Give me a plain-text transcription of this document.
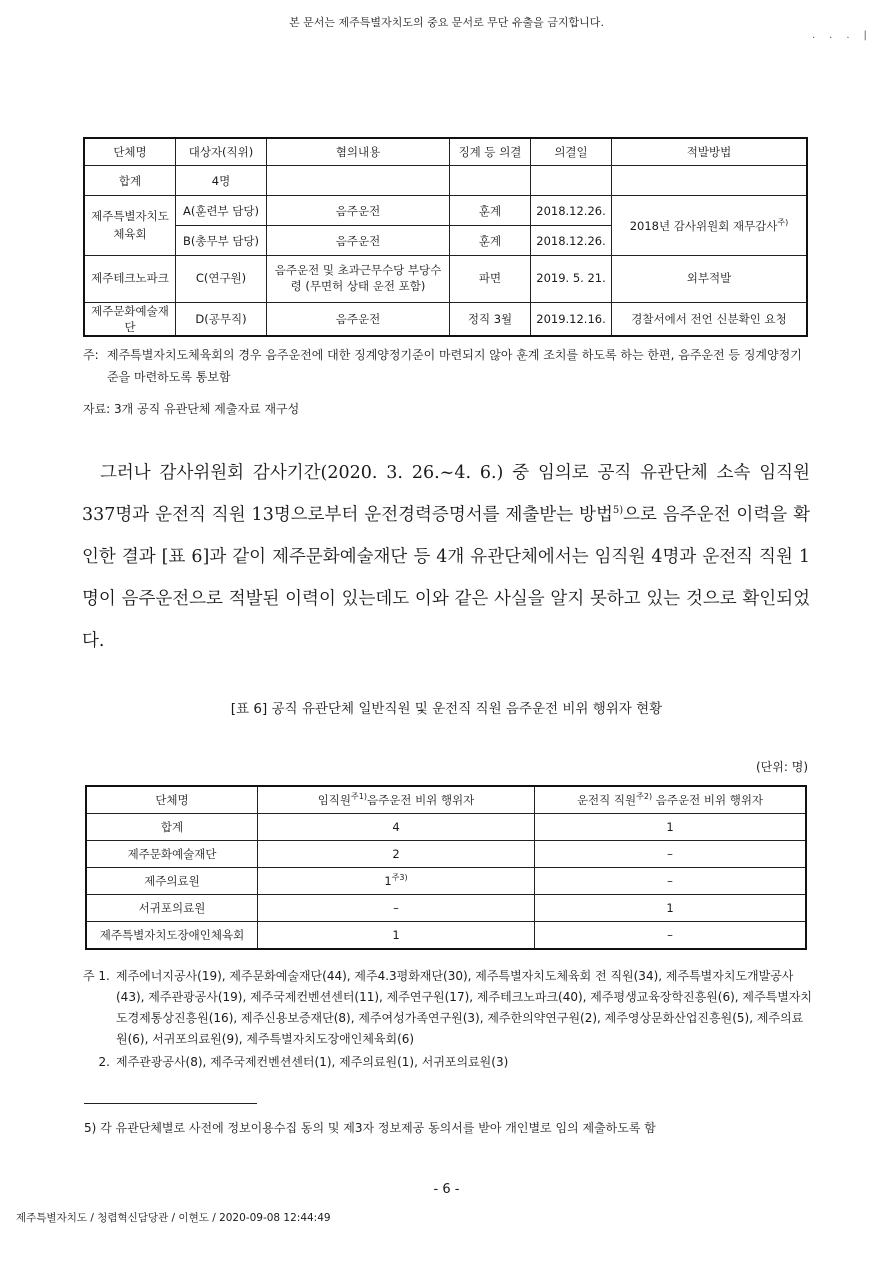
본 문서는 제주특별자치도의 중요 문서로 무단 유출을 금지합니다.
...|
단체명	대상자(직위)	혐의내용	징계 등 의결	의결일	적발방법
합계	4명				
제주특별자치도 체육회	A(훈련부 담당)	음주운전	훈계	2018.12.26.	2018년 감사위원회 재무감사$^{주)}$
	B(총무부 담당)	음주운전	훈계	2018.12.26.	
제주테크노파크	C(연구원)	음주운전 및 초과근무수당 부당수령 (무면허 상태 운전 포함)	파면	2019. 5. 21.	외부적발
제주문화예술재단	D(공무직)	음주운전	정직 3월	2019.12.16.	경찰서에서 전언 신분확인 요청
주: 제주특별자치도체육회의 경우 음주운전에 대한 징계양정기준이 마련되지 않아 훈계 조치를 하도록 하는 한편, 음주운전 등 징계양정기준을 마련하도록 통보함
자료: 3개 공직 유관단체 제출자료 재구성
그러나 감사위원회 감사기간(2020. 3. 26.~4. 6.) 중 임의로 공직 유관단체 소속 임직원 337명과 운전직 직원 13명으로부터 운전경력증명서를 제출받는 방법$^{5)}$으로 음주운전 이력을 확인한 결과 [표 6]과 같이 제주문화예술재단 등 4개 유관단체에서는 임직원 4명과 운전직 직원 1명이 음주운전으로 적발된 이력이 있는데도 이와 같은 사실을 알지 못하고 있는 것으로 확인되었다.
[표 6] 공직 유관단체 일반직원 및 운전직 직원 음주운전 비위 행위자 현황
(단위: 명)
단체명	임직원$^{주1)}$음주운전 비위 행위자	운전직 직원$^{주2)}$ 음주운전 비위 행위자
합계	4	1
제주문화예술재단	2	–
제주의료원	$1^{주3)}$	–
서귀포의료원	–	1
제주특별자치도장애인체육회	1	–
주 1. 제주에너지공사(19), 제주문화예술재단(44), 제주4.3평화재단(30), 제주특별자치도체육회 전 직원(34), 제주특별자치도개발공사(43), 제주관광공사(19), 제주국제컨벤션센터(11), 제주연구원(17), 제주테크노파크(40), 제주평생교육장학진흥원(6), 제주특별자치도경제통상진흥원(16), 제주신용보증재단(8), 제주여성가족연구원(3), 제주한의약연구원(2), 제주영상문화산업진흥원(5), 제주의료원(6), 서귀포의료원(9), 제주특별자치도장애인체육회(6)
2. 제주관광공사(8), 제주국제컨벤션센터(1), 제주의료원(1), 서귀포의료원(3)
5) 각 유관단체별로 사전에 정보이용수집 동의 및 제3자 정보제공 동의서를 받아 개인별로 임의 제출하도록 함
- 6 -
제주특별자치도 / 청렴혁신담당관 / 이현도 / 2020-09-08 12:44:49
